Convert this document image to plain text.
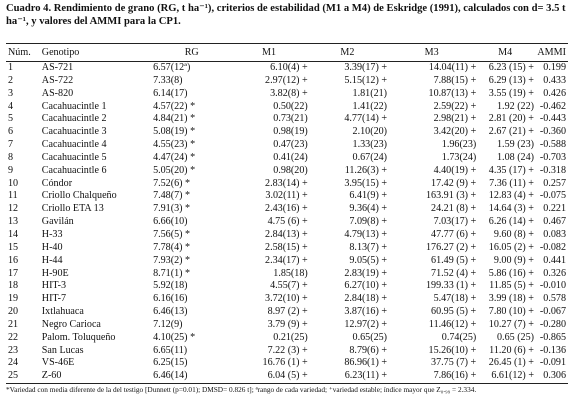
Cuadro 4. Rendimiento de grano (RG, t ha⁻¹), criterios de estabilidad (M1 a M4) de Eskridge (1991), calculados con d= 3.5 t ha⁻¹, y valores del AMMI para la CP1.
Núm.	Genotipo	RG	M1	M2	M3	M4	AMMI
1	AS-721	6.57(12ª)	6.10(4) +	3.39(17) +	14.04(11) +	6.23 (15) +	0.199
2	AS-722	7.33(8)	2.97(12) +	5.15(12) +	7.88(15) +	6.29 (13) +	0.433
3	AS-820	6.14(17)	3.82(8) +	1.81(21)	10.87(13) +	3.55 (19) +	0.426
4	Cacahuacintle 1	4.57(22) *	0.50(22)	1.41(22)	2.59(22) +	1.92 (22)	-0.462
5	Cacahuacintle 2	4.84(21) *	0.73(21)	4.77(14) +	2.98(21) +	2.81 (20) +	-0.443
6	Cacahuacintle 3	5.08(19) *	0.98(19)	2.10(20)	3.42(20) +	2.67 (21) +	-0.360
7	Cacahuacintle 4	4.55(23) *	0.47(23)	1.33(23)	1.96(23)	1.59 (23)	-0.588
8	Cacahuacintle 5	4.47(24) *	0.41(24)	0.67(24)	1.73(24)	1.08 (24)	-0.703
9	Cacahuacintle 6	5.05(20) *	0.98(20)	11.26(3) +	4.40(19) +	4.35 (17) +	-0.318
10	Cóndor	7.52(6) *	2.83(14) +	3.95(15) +	17.42 (9) +	7.36 (11) +	0.257
11	Criollo Chalqueño	7.48(7) *	3.02(11) +	6.41(9) +	163.91 (3) +	12.83 (4) +	-0.075
12	Criollo ETA 13	7.91(3) *	2.43(16) +	9.36(4) +	24.21 (8) +	14.64 (3) +	0.221
13	Gavilán	6.66(10)	4.75 (6) +	7.09(8) +	7.03(17) +	6.26 (14) +	0.467
14	H-33	7.56(5) *	2.84(13) +	4.79(13) +	47.77 (6) +	9.60 (8) +	0.083
15	H-40	7.78(4) *	2.58(15) +	8.13(7) +	176.27 (2) +	16.05 (2) +	-0.082
16	H-44	7.93(2) *	2.34(17) +	9.05(5) +	61.49 (5) +	9.00 (9) +	0.441
17	H-90E	8.71(1) *	1.85(18)	2.83(19) +	71.52 (4) +	5.86 (16) +	0.326
18	HIT-3	5.92(18)	4.55(7) +	6.27(10) +	199.33 (1) +	11.85 (5) +	-0.010
19	HIT-7	6.16(16)	3.72(10) +	2.84(18) +	5.47(18) +	3.99 (18) +	0.578
20	Ixtlahuaca	6.46(13)	8.97 (2) +	3.87(16) +	60.95 (5) +	7.80 (10) +	-0.067
21	Negro Carioca	7.12(9)	3.79 (9) +	12.97(2) +	11.46(12) +	10.27 (7) +	-0.280
22	Palom. Toluqueño	4.10(25) *	0.21(25)	0.65(25)	0.74(25)	0.65 (25)	-0.865
23	San Lucas	6.65(11)	7.22 (3) +	8.79(6) +	15.26(10) +	11.20 (6) +	-0.136
24	VS-46E	6.25(15)	16.76 (1) +	86.96(1) +	37.75 (7) +	26.45 (1) +	-0.091
25	Z-60	6.46(14)	6.04 (5) +	6.23(11) +	7.86(16) +	6.61(12) +	0.306
*Variedad con media diferente de la del testigo [Dunnett (p=0.01); DMSD= 0.826 t]; ªrango de cada variedad; ⁺variedad estable; índice mayor que Z₀.₉₉ = 2.334.
